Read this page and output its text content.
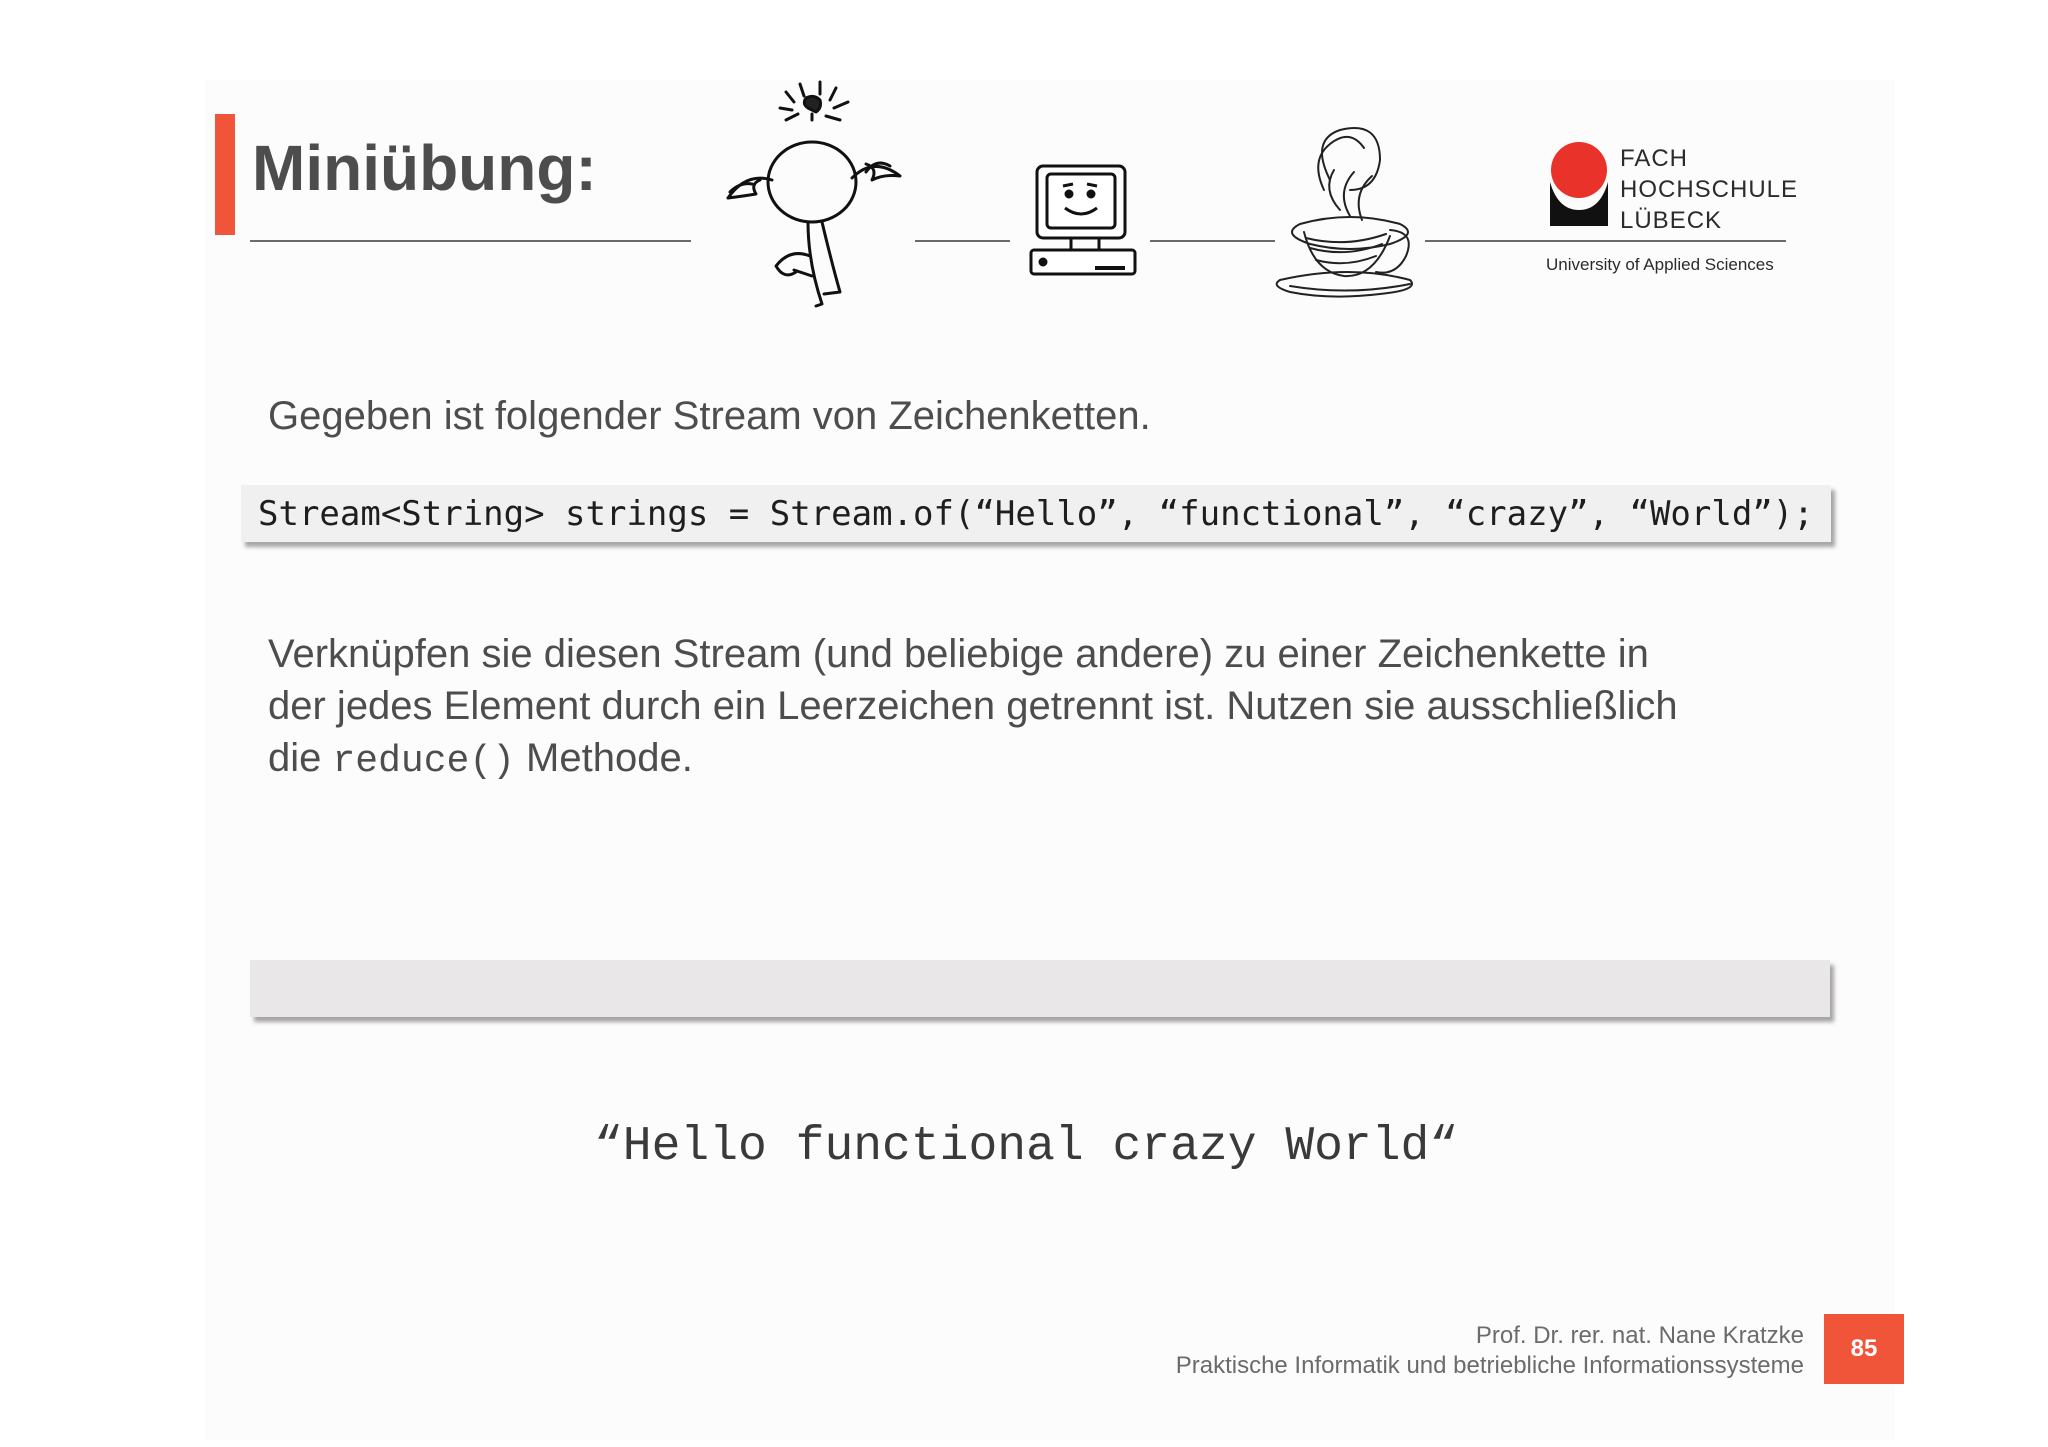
Miniübung:	FACH
HOCHSCHULE
LÜBECK
University of Applied Sciences
Gegeben ist folgender Stream von Zeichenketten.
Stream<String> strings = Stream.of(“Hello”, “functional”, “crazy”, “World”);
Verknüpfen sie diesen Stream (und beliebige andere) zu einer Zeichenkette in
der jedes Element durch ein Leerzeichen getrennt ist. Nutzen sie ausschließlich
die reduce() Methode.
“Hello functional crazy World“
Prof. Dr. rer. nat. Nane Kratzke
Praktische Informatik und betriebliche Informationssysteme
85
